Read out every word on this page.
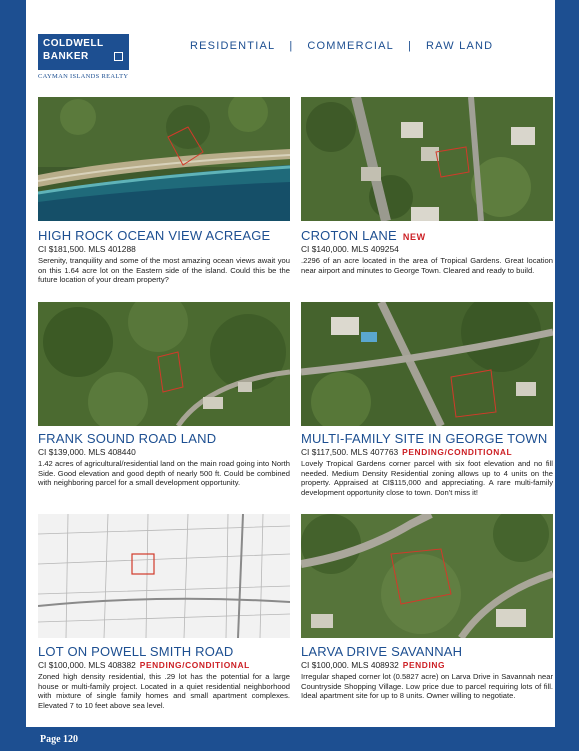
Page 120
COLDWELL
BANKER
CAYMAN ISLANDS REALTY
RESIDENTIAL | COMMERCIAL | RAW LAND
HIGH ROCK OCEAN VIEW ACREAGE
CI $181,500. MLS 401288
Serenity, tranquility and some of the most amazing ocean views await you on this 1.64 acre lot on the Eastern side of the island. Could this be the future location of your dream property?
CROTON LANE NEW
CI $140,000. MLS 409254
.2296 of an acre located in the area of Tropical Gardens. Great location near airport and minutes to George Town. Cleared and ready to build.
FRANK SOUND ROAD LAND
CI $139,000. MLS 408440
1.42 acres of agricultural/residential land on the main road going into North Side. Good elevation and good depth of nearly 500 ft. Could be combined with neighboring parcel for a small development opportunity.
MULTI-FAMILY SITE IN GEORGE TOWN
CI $117,500. MLS 407763 PENDING/CONDITIONAL
Lovely Tropical Gardens corner parcel with six foot elevation and no fill needed. Medium Density Residential zoning allows up to 4 units on the property. Appraised at CI$115,000 and appreciating. A rare multi-family development opportunity close to town. Don't miss it!
LOT ON POWELL SMITH ROAD
CI $100,000. MLS 408382 PENDING/CONDITIONAL
Zoned high density residential, this .29 lot has the potential for a large house or multi-family project. Located in a quiet residential neighborhood with mixture of single family homes and small apartment complexes. Elevated 7 to 10 feet above sea level.
LARVA DRIVE SAVANNAH
CI $100,000. MLS 408932 PENDING
Irregular shaped corner lot (0.5827 acre) on Larva Drive in Savannah near Countryside Shopping Village. Low price due to parcel requiring lots of fill. Ideal apartment site for up to 8 units. Owner willing to negotiate.
